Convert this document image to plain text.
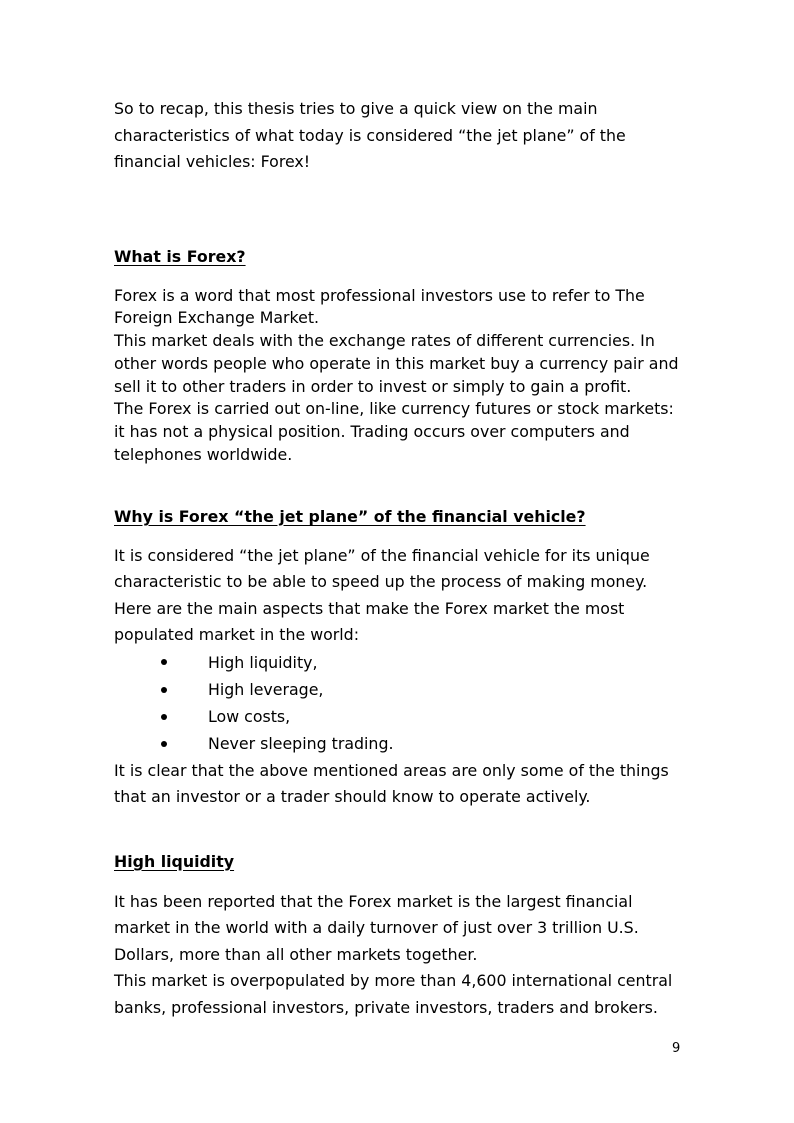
So to recap, this thesis tries to give a quick view on the main characteristics of what today is considered “the jet plane” of the financial vehicles: Forex!

What is Forex?

Forex is a word that most professional investors use to refer to The Foreign Exchange Market.

This market deals with the exchange rates of different currencies. In other words people who operate in this market buy a currency pair and sell it to other traders in order to invest or simply to gain a profit.

The Forex is carried out on-line, like currency futures or stock markets: it has not a physical position. Trading occurs over computers and telephones worldwide.

Why is Forex “the jet plane” of the financial vehicle?

It is considered “the jet plane” of the financial vehicle for its unique characteristic to be able to speed up the process of making money.

Here are the main aspects that make the Forex market the most populated market in the world:

High liquidity,
High leverage,
Low costs,
Never sleeping trading.

It is clear that the above mentioned areas are only some of the things that an investor or a trader should know to operate actively.

High liquidity

It has been reported that the Forex market is the largest financial market in the world with a daily turnover of just over 3 trillion U.S. Dollars, more than all other markets together.

This market is overpopulated by more than 4,600 international central banks, professional investors, private investors, traders and brokers.

9
